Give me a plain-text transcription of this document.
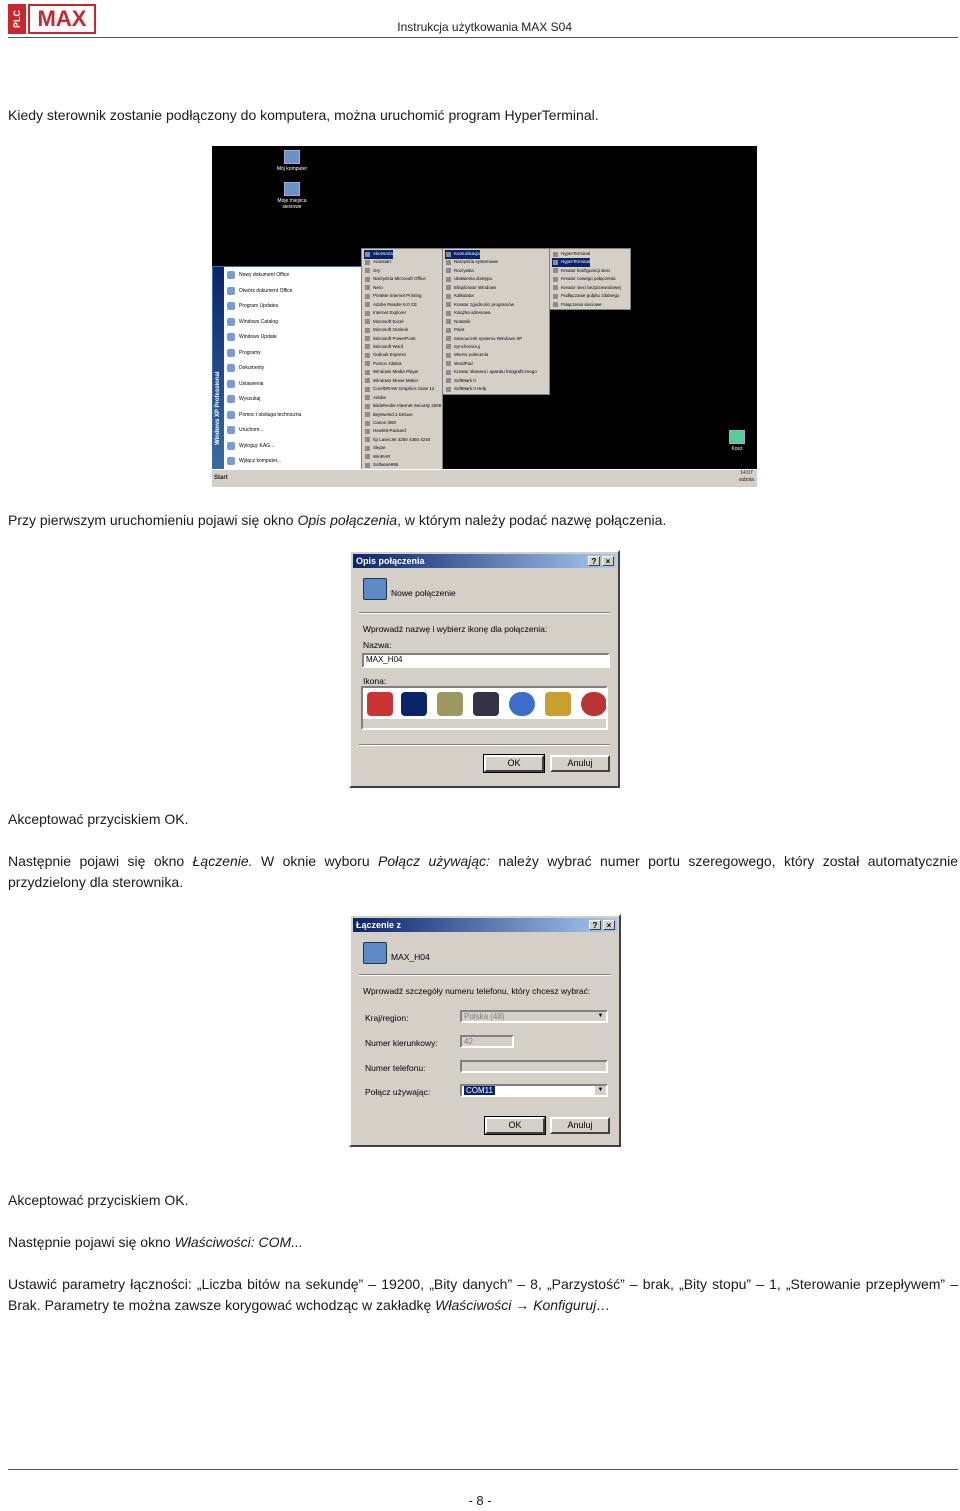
PLC MAX	Instrukcja użytkowania MAX S04
Kiedy sterownik zostanie podłączony do komputera, można uruchomić program HyperTerminal.
Mój komputer
Moje miejsca sieciowe
Kosz
Windows XP Professional
Nowy dokument Office
Otwórz dokument Office
Program Updates
Windows Catalog
Windows Update
Programy
Dokumenty
Ustawienia
Wyszukaj
Pomoc i obsługa techniczna
Uruchom...
Wyloguj: KAG...
Wyłącz komputer...
Akcesoria
Autostart
Gry
Narzędzia Microsoft Office
Nero
PrintMe Internet Printing
Adobe Reader 6.0 CE
Internet Explorer
Microsoft Excel
Microsoft Outlook
Microsoft PowerPoint
Microsoft Word
Outlook Express
Pomoc zdalna
Windows Media Player
Windows Movie Maker
CorelDRAW Graphics Suite 12
Adobe
Bitdefender Internet Security 2009
Bejeweled 2 Deluxe
Canon i550
Hewlett-Packard
hp LaserJet 4250 4350 4240
Skype
WinRAR
Software995
Komunikacja
Narzędzia systemowe
Rozrywka
Ułatwienia dostępu
Eksplorator Windows
Kalkulator
Kreator zgodności programów
Książka adresowa
Notatnik
Paint
Samouczek systemu Windows XP
Synchronizuj
Wiersz polecenia
WordPad
Kreator skanera i aparatu fotograficznego
SoftMark II
SoftMark II Help
HyperTerminal
HyperTerminal
Kreator konfiguracji sieci
Kreator nowego połączenia
Kreator sieci bezprzewodowej
Podłączanie pulpitu zdalnego
Połączenia sieciowe
Start
14:07
sobota
Przy pierwszym uruchomieniu pojawi się okno Opis połączenia, w którym należy podać nazwę połączenia.
Opis połączenia	?	×
Nowe połączenie
Wprowadź nazwę i wybierz ikonę dla połączenia:
Nazwa:
MAX_H04
Ikona:
OK	Anuluj
Akceptować przyciskiem OK.
Następnie pojawi się okno Łączenie. W oknie wyboru Połącz używając: należy wybrać numer portu szeregowego, który został automatycznie przydzielony dla sterownika.
Łączenie z	?	×
MAX_H04
Wprowadź szczegóły numeru telefonu, który chcesz wybrać:
Kraj/region:	Polska (48)	▼
Numer kierunkowy:	42
Numer telefonu:
Połącz używając:	COM11	▼
OK	Anuluj
Akceptować przyciskiem OK.
Następnie pojawi się okno Właściwości: COM...
Ustawić parametry łączności: „Liczba bitów na sekundę” – 19200, „Bity danych” – 8, „Parzystość” – brak, „Bity stopu” – 1, „Sterowanie przepływem” – Brak. Parametry te można zawsze korygować wchodząc w zakładkę Właściwości → Konfiguruj…
- 8 -
